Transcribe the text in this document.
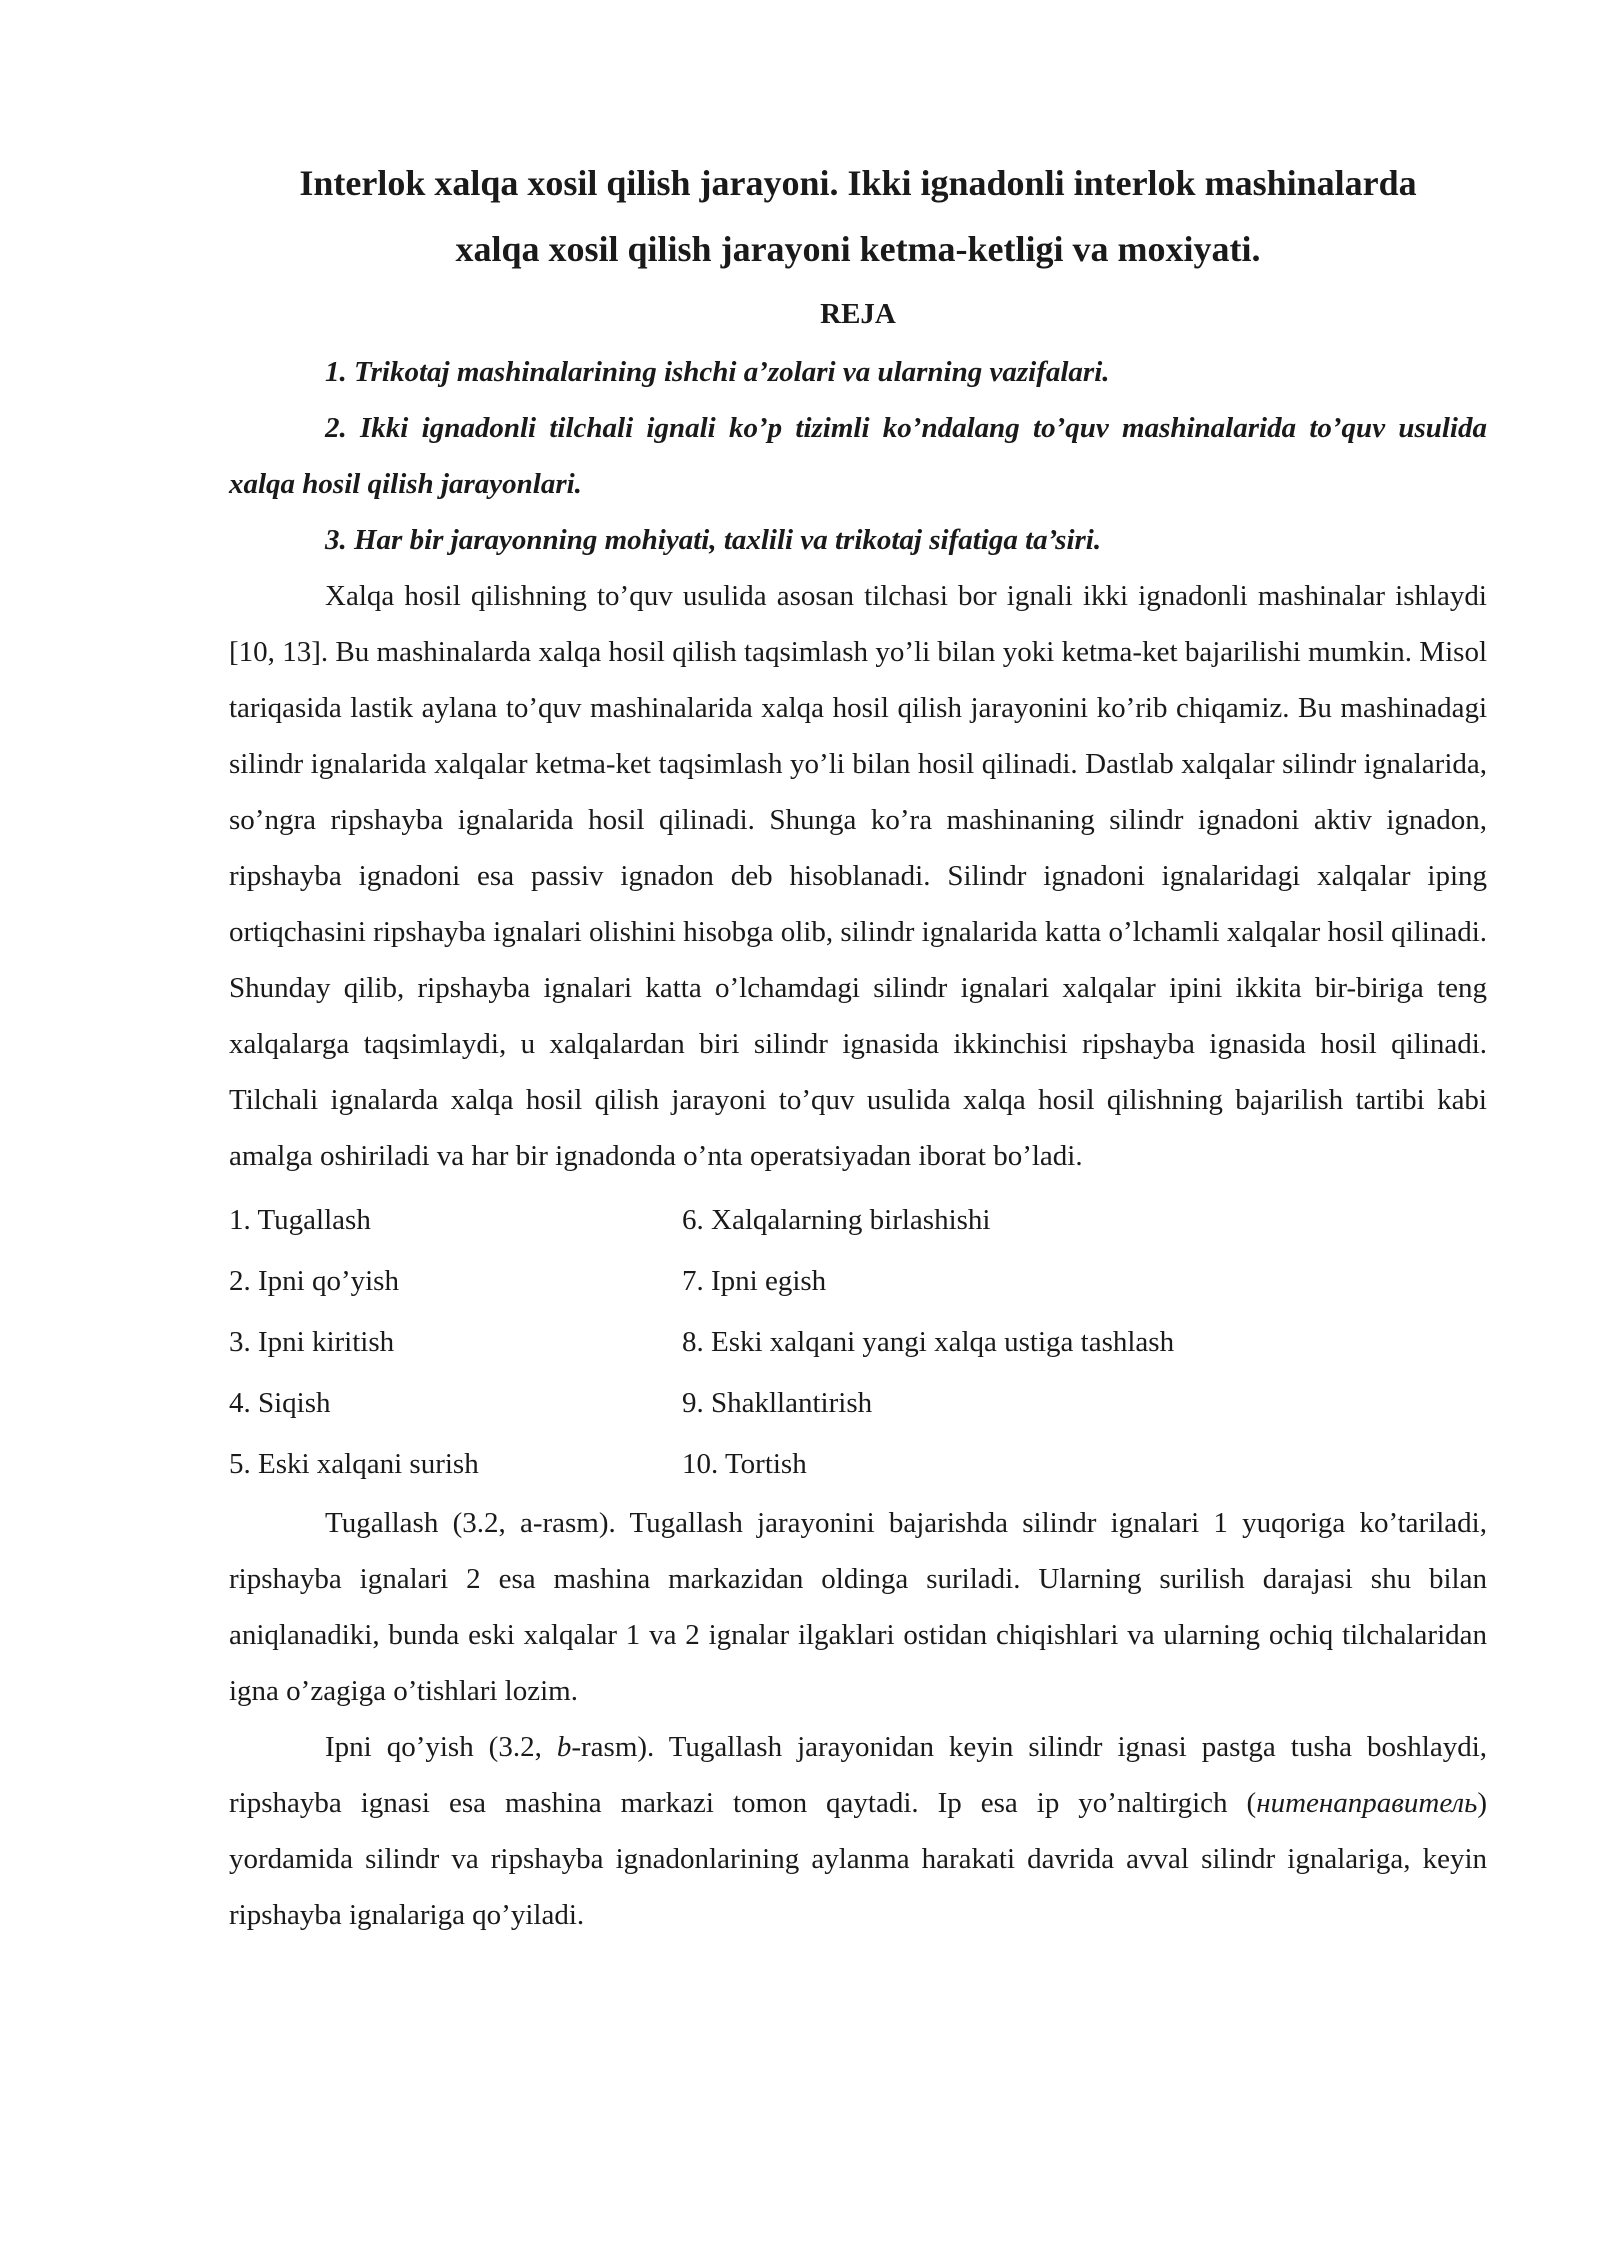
Interlok xalqa xosil qilish jarayoni. Ikki ignadonli interlok mashinalarda
xalqa xosil qilish jarayoni ketma-ketligi va moxiyati.
REJA

1. Trikotaj mashinalarining ishchi a’zolari va ularning vazifalari.

2. Ikki ignadonli tilchali ignali ko’p tizimli ko’ndalang to’quv mashinalarida to’quv usulida xalqa hosil qilish jarayonlari.

3. Har bir jarayonning mohiyati, taxlili va trikotaj sifatiga ta’siri.

Xalqa hosil qilishning to’quv usulida asosan tilchasi bor ignali ikki ignadonli mashinalar ishlaydi [10, 13]. Bu mashinalarda xalqa hosil qilish taqsimlash yo’li bilan yoki ketma-ket bajarilishi mumkin. Misol tariqasida lastik aylana to’quv mashinalarida xalqa hosil qilish jarayonini ko’rib chiqamiz. Bu mashinadagi silindr ignalarida xalqalar ketma-ket taqsimlash yo’li bilan hosil qilinadi. Dastlab xalqalar silindr ignalarida, so’ngra ripshayba ignalarida hosil qilinadi. Shunga ko’ra mashinaning silindr ignadoni aktiv ignadon, ripshayba ignadoni esa passiv ignadon deb hisoblanadi. Silindr ignadoni ignalaridagi xalqalar iping ortiqchasini ripshayba ignalari olishini hisobga olib, silindr ignalarida katta o’lchamli xalqalar hosil qilinadi. Shunday qilib, ripshayba ignalari katta o’lchamdagi silindr ignalari xalqalar ipini ikkita bir-biriga teng xalqalarga taqsimlaydi, u xalqalardan biri silindr ignasida ikkinchisi ripshayba ignasida hosil qilinadi. Tilchali ignalarda xalqa hosil qilish jarayoni to’quv usulida xalqa hosil qilishning bajarilish tartibi kabi amalga oshiriladi va har bir ignadonda o’nta operatsiyadan iborat bo’ladi.

1. Tugallash
2. Ipni qo’yish
3. Ipni kiritish
4. Siqish
5. Eski xalqani surish
6. Xalqalarning birlashishi
7. Ipni egish
8. Eski xalqani yangi xalqa ustiga tashlash
9. Shakllantirish
10. Tortish

Tugallash (3.2, a-rasm). Tugallash jarayonini bajarishda silindr ignalari 1 yuqoriga ko’tariladi, ripshayba ignalari 2 esa mashina markazidan oldinga suriladi. Ularning surilish darajasi shu bilan aniqlanadiki, bunda eski xalqalar 1 va 2 ignalar ilgaklari ostidan chiqishlari va ularning ochiq tilchalaridan igna o’zagiga o’tishlari lozim.

Ipni qo’yish (3.2, b-rasm). Tugallash jarayonidan keyin silindr ignasi pastga tusha boshlaydi, ripshayba ignasi esa mashina markazi tomon qaytadi. Ip esa ip yo’naltirgich (нитенаправитель) yordamida silindr va ripshayba ignadonlarining aylanma harakati davrida avval silindr ignalariga, keyin ripshayba ignalariga qo’yiladi.
